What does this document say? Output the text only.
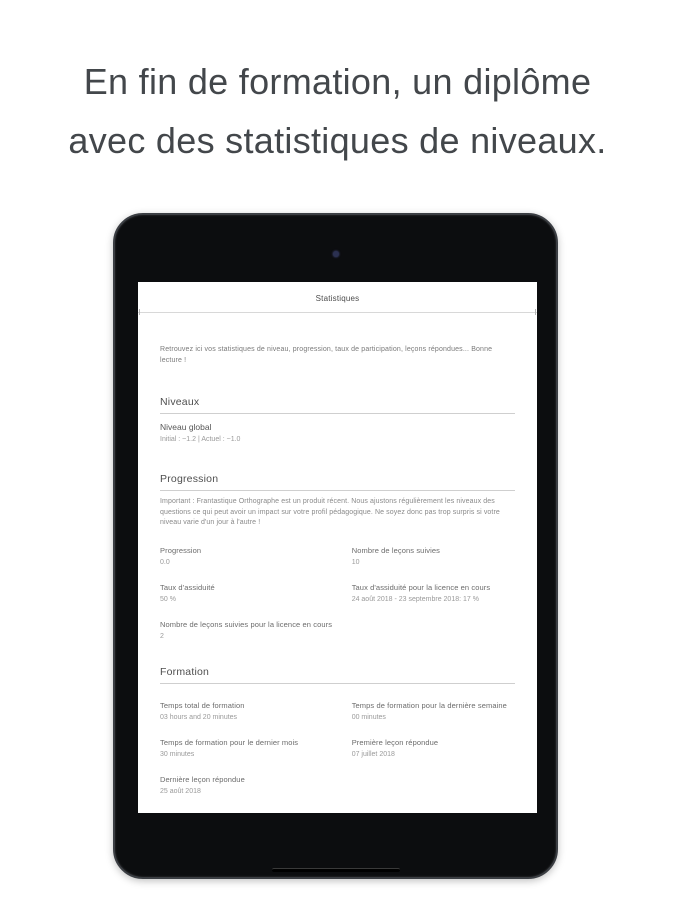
En fin de formation, un diplôme
avec des statistiques de niveaux.
Statistiques

Retrouvez ici vos statistiques de niveau, progression, taux de participation, leçons répondues... Bonne lecture !

Niveaux
Niveau global
Initial : ~1.2 | Actuel : ~1.0
Progression

Important : Frantastique Orthographe est un produit récent. Nous ajustons régulièrement les niveaux des questions ce qui peut avoir un impact sur votre profil pédagogique. Ne soyez donc pas trop surpris si votre niveau varie d'un jour à l'autre !

Progression
0.0
Nombre de leçons suivies
10
Taux d'assiduité
50 %
Taux d'assiduité pour la licence en cours
24 août 2018 - 23 septembre 2018: 17 %
Nombre de leçons suivies pour la licence en cours
2
Formation
Temps total de formation
03 hours and 20 minutes
Temps de formation pour la dernière semaine
00 minutes
Temps de formation pour le dernier mois
30 minutes
Première leçon répondue
07 juillet 2018
Dernière leçon répondue
25 août 2018
